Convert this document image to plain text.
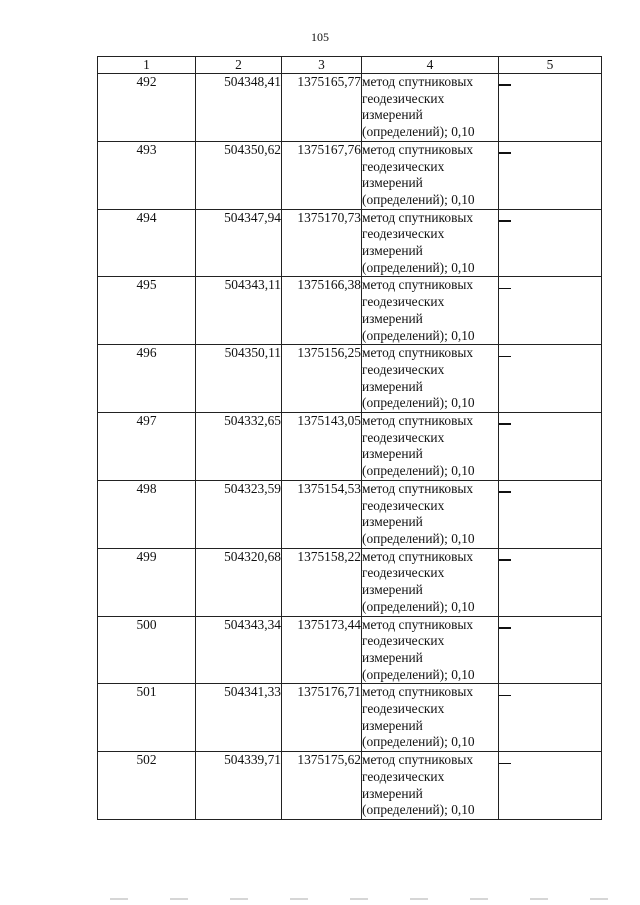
105
1	2	3	4	5
492	504348,41	1375165,77	метод спутниковых
геодезических
измерений
(определений); 0,10	

493	504350,62	1375167,76	метод спутниковых
геодезических
измерений
(определений); 0,10	

494	504347,94	1375170,73	метод спутниковых
геодезических
измерений
(определений); 0,10	

495	504343,11	1375166,38	метод спутниковых
геодезических
измерений
(определений); 0,10	

496	504350,11	1375156,25	метод спутниковых
геодезических
измерений
(определений); 0,10	

497	504332,65	1375143,05	метод спутниковых
геодезических
измерений
(определений); 0,10	

498	504323,59	1375154,53	метод спутниковых
геодезических
измерений
(определений); 0,10	

499	504320,68	1375158,22	метод спутниковых
геодезических
измерений
(определений); 0,10	

500	504343,34	1375173,44	метод спутниковых
геодезических
измерений
(определений); 0,10	

501	504341,33	1375176,71	метод спутниковых
геодезических
измерений
(определений); 0,10	

502	504339,71	1375175,62	метод спутниковых
геодезических
измерений
(определений); 0,10	
